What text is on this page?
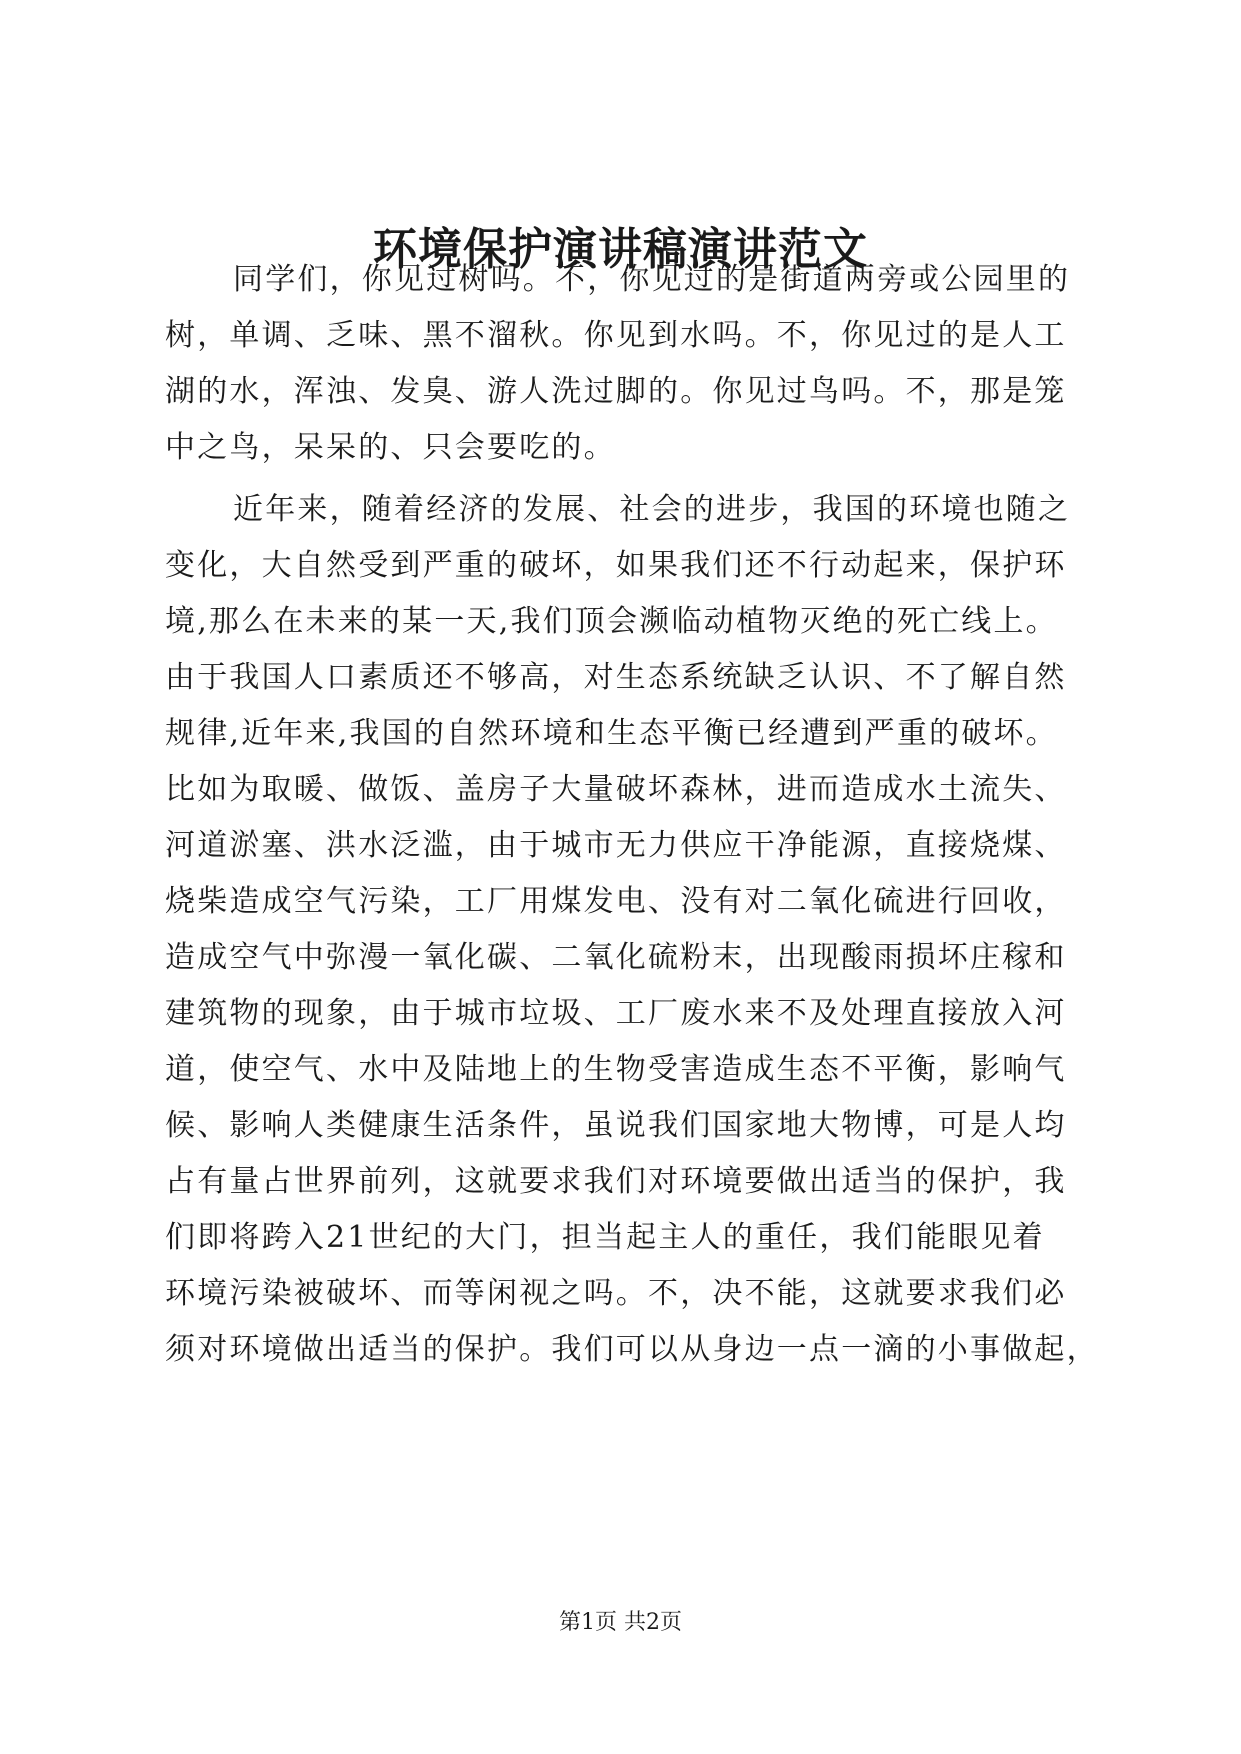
环境保护演讲稿演讲范文
同学们，你见过树吗。不，你见过的是街道两旁或公园里的
树，单调、乏味、黑不溜秋。你见到水吗。不，你见过的是人工
湖的水，浑浊、发臭、游人洗过脚的。你见过鸟吗。不，那是笼
中之鸟，呆呆的、只会要吃的。
近年来，随着经济的发展、社会的进步，我国的环境也随之
变化，大自然受到严重的破坏，如果我们还不行动起来，保护环
境,那么在未来的某一天,我们顶会濒临动植物灭绝的死亡线上。
由于我国人口素质还不够高，对生态系统缺乏认识、不了解自然
规律,近年来,我国的自然环境和生态平衡已经遭到严重的破坏。
比如为取暖、做饭、盖房子大量破坏森林，进而造成水土流失、
河道淤塞、洪水泛滥，由于城市无力供应干净能源，直接烧煤、
烧柴造成空气污染，工厂用煤发电、没有对二氧化硫进行回收，
造成空气中弥漫一氧化碳、二氧化硫粉末，出现酸雨损坏庄稼和
建筑物的现象，由于城市垃圾、工厂废水来不及处理直接放入河
道，使空气、水中及陆地上的生物受害造成生态不平衡，影响气
候、影响人类健康生活条件，虽说我们国家地大物博，可是人均
占有量占世界前列，这就要求我们对环境要做出适当的保护，我
们即将跨入21世纪的大门，担当起主人的重任，我们能眼见着
环境污染被破坏、而等闲视之吗。不，决不能，这就要求我们必
须对环境做出适当的保护。我们可以从身边一点一滴的小事做起，
第1页 共2页
